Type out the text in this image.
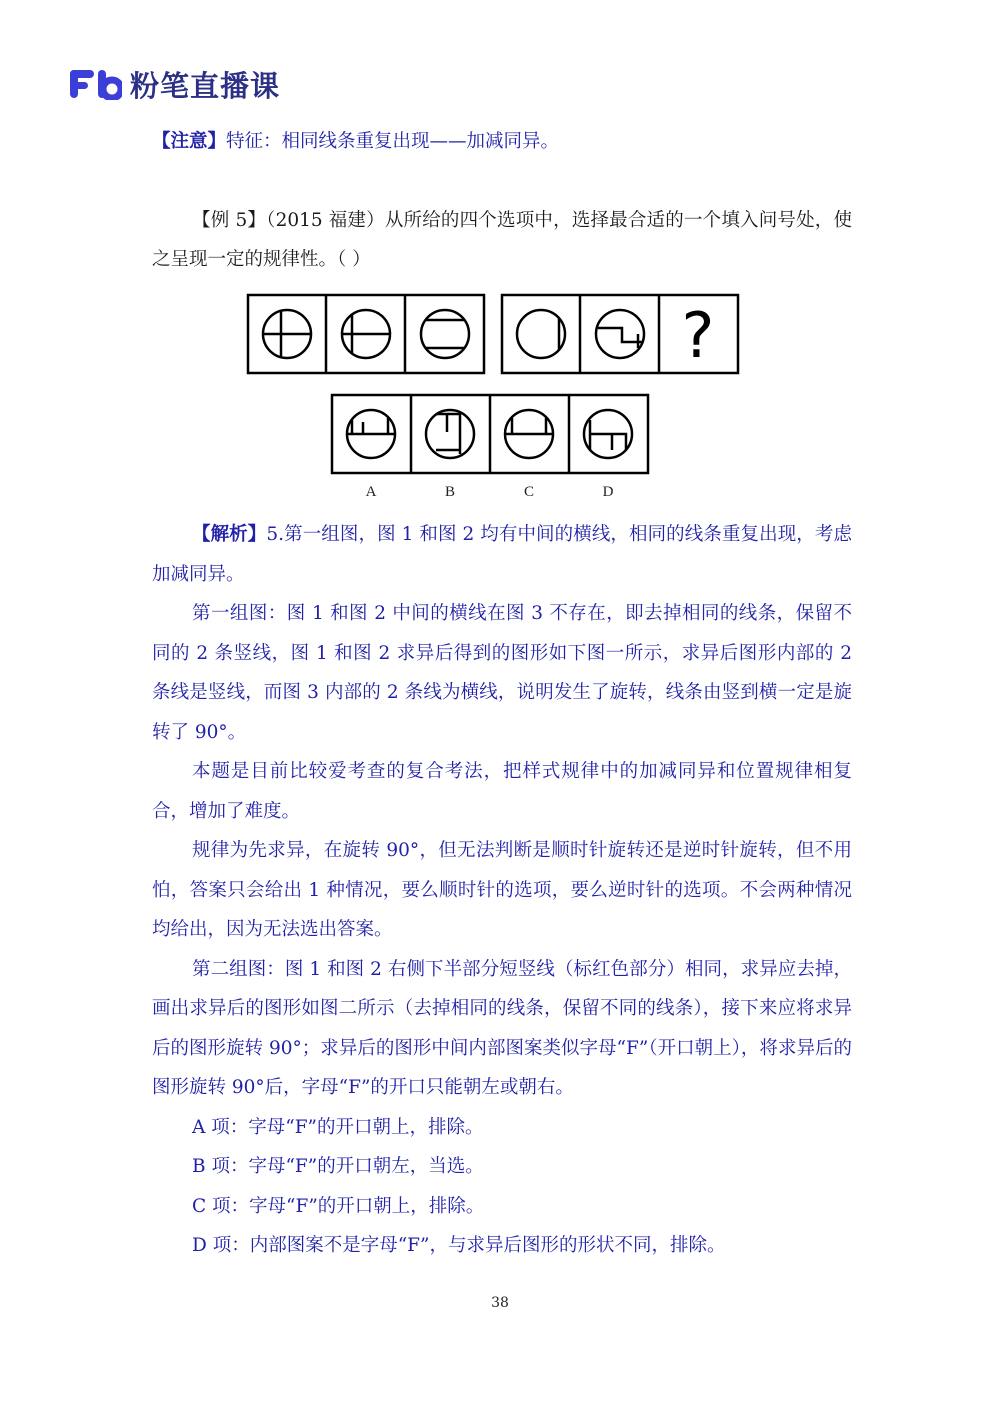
粉笔直播课

【注意】特征：相同线条重复出现——加减同异。

【例 5】（2015 福建）从所给的四个选项中，选择最合适的一个填入问号处，使之呈现一定的规律性。（ ）

?
A	B	C	D

【解析】5.第一组图，图 1 和图 2 均有中间的横线，相同的线条重复出现，考虑加减同异。

第一组图：图 1 和图 2 中间的横线在图 3 不存在，即去掉相同的线条，保留不同的 2 条竖线，图 1 和图 2 求异后得到的图形如下图一所示，求异后图形内部的 2 条线是竖线，而图 3 内部的 2 条线为横线，说明发生了旋转，线条由竖到横一定是旋转了 90°。

本题是目前比较爱考查的复合考法，把样式规律中的加减同异和位置规律相复合，增加了难度。

规律为先求异，在旋转 90°，但无法判断是顺时针旋转还是逆时针旋转，但不用怕，答案只会给出 1 种情况，要么顺时针的选项，要么逆时针的选项。不会两种情况均给出，因为无法选出答案。

第二组图：图 1 和图 2 右侧下半部分短竖线（标红色部分）相同，求异应去掉，画出求异后的图形如图二所示（去掉相同的线条，保留不同的线条），接下来应将求异后的图形旋转 90°；求异后的图形中间内部图案类似字母“F”（开口朝上），将求异后的图形旋转 90°后，字母“F”的开口只能朝左或朝右。

A 项：字母“F”的开口朝上，排除。

B 项：字母“F”的开口朝左，当选。

C 项：字母“F”的开口朝上，排除。

D 项：内部图案不是字母“F”，与求异后图形的形状不同，排除。

38
